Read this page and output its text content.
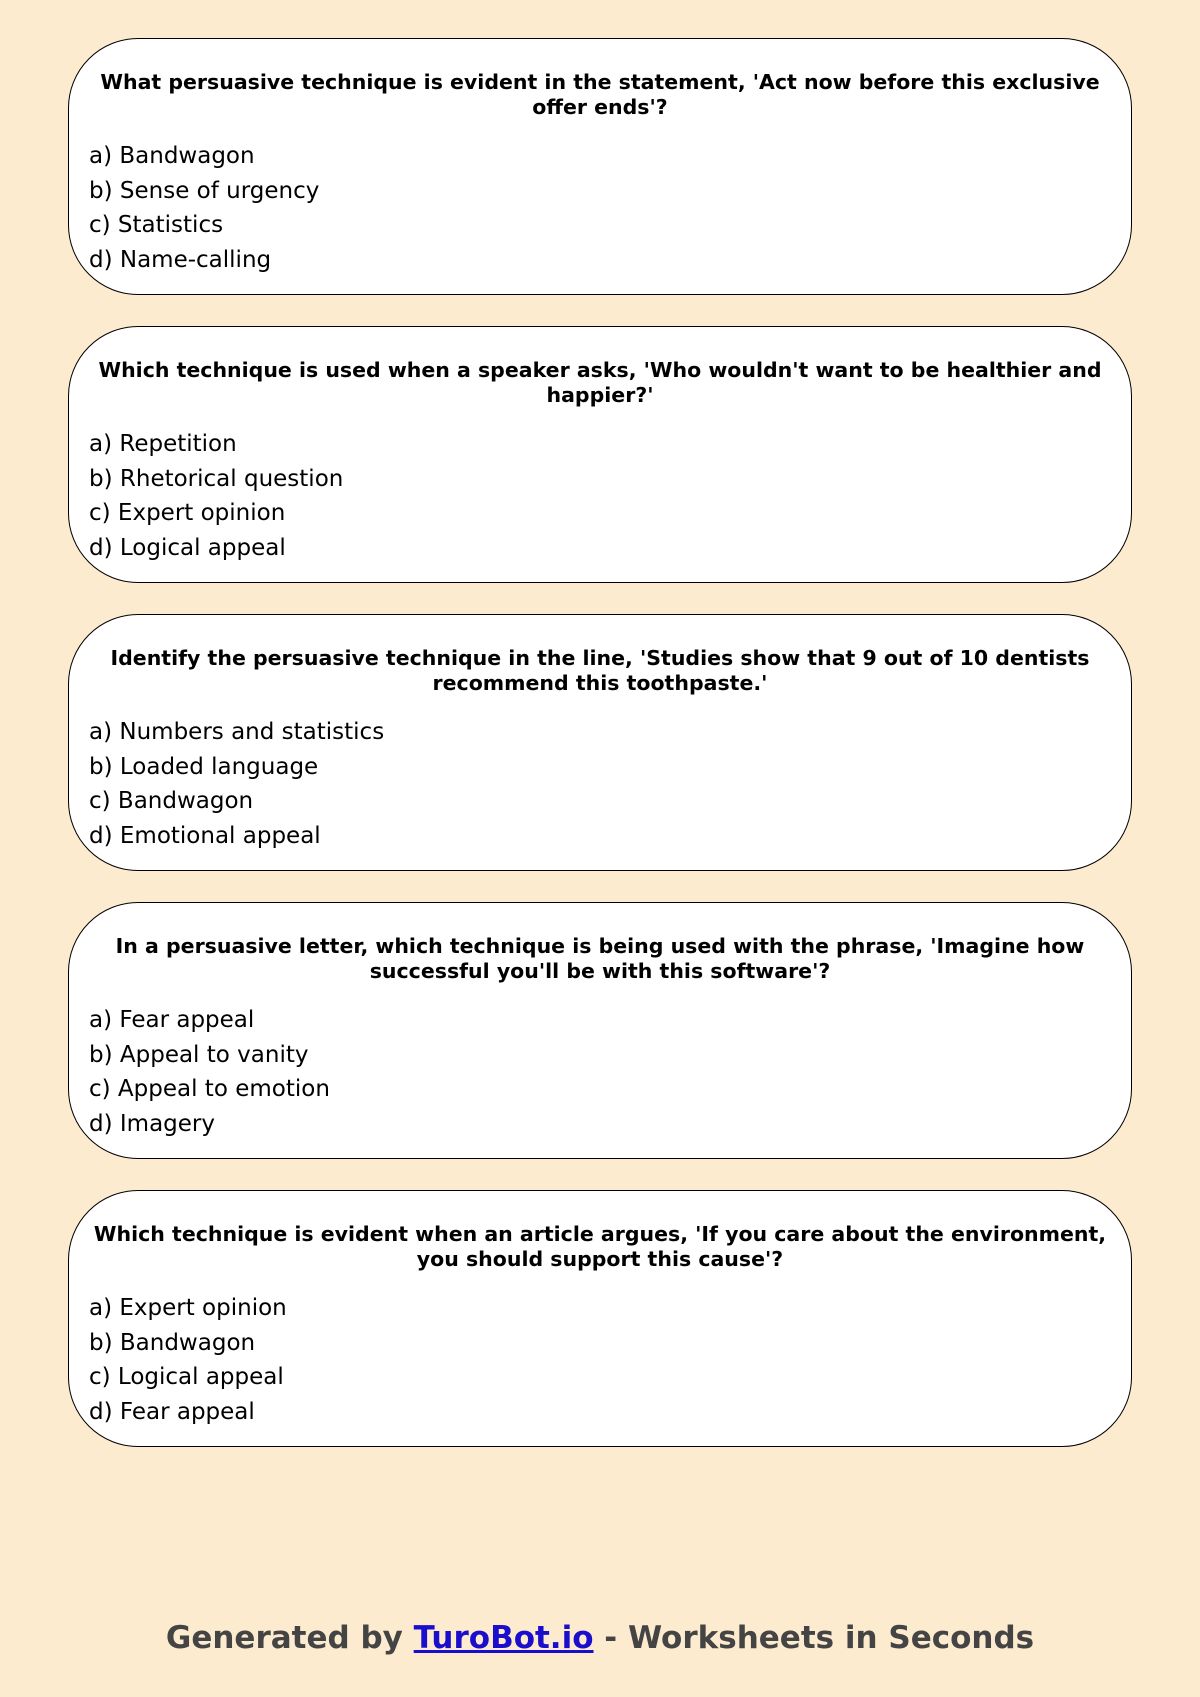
What persuasive technique is evident in the statement, 'Act now before this exclusive offer ends'?

a) Bandwagon
b) Sense of urgency
c) Statistics
d) Name-calling

Which technique is used when a speaker asks, 'Who wouldn't want to be healthier and happier?'

a) Repetition
b) Rhetorical question
c) Expert opinion
d) Logical appeal

Identify the persuasive technique in the line, 'Studies show that 9 out of 10 dentists recommend this toothpaste.'

a) Numbers and statistics
b) Loaded language
c) Bandwagon
d) Emotional appeal

In a persuasive letter, which technique is being used with the phrase, 'Imagine how successful you'll be with this software'?

a) Fear appeal
b) Appeal to vanity
c) Appeal to emotion
d) Imagery

Which technique is evident when an article argues, 'If you care about the environment, you should support this cause'?

a) Expert opinion
b) Bandwagon
c) Logical appeal
d) Fear appeal
Generated by TuroBot.io - Worksheets in Seconds
